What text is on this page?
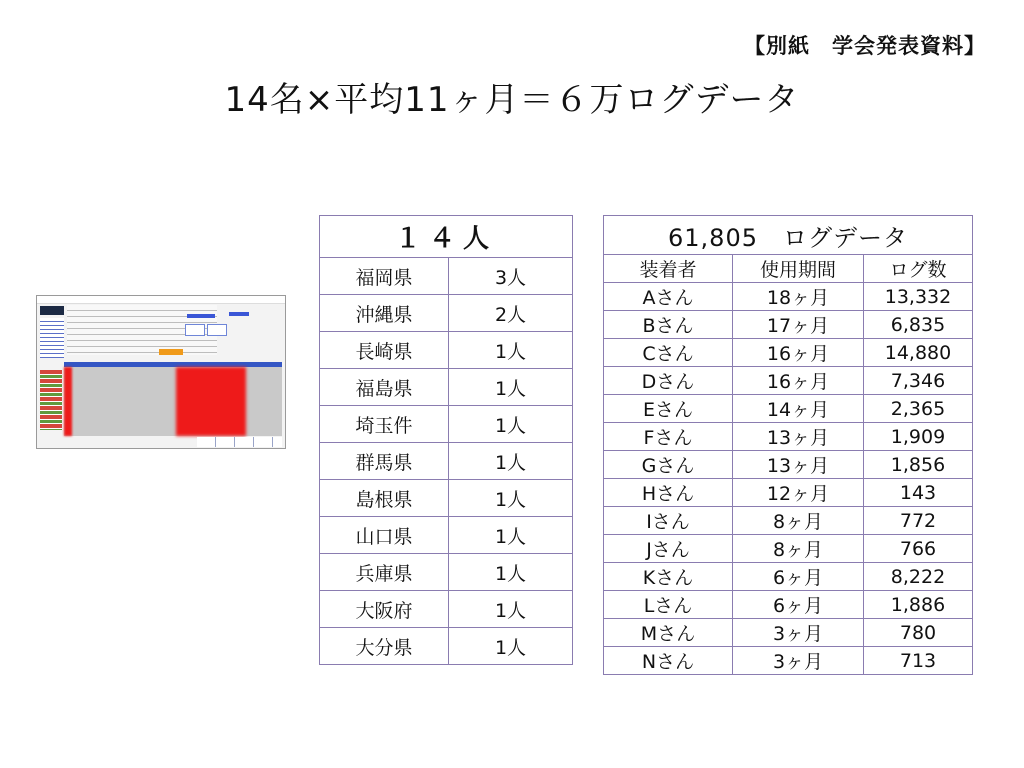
【別紙　学会発表資料】
14名×平均11ヶ月＝６万ログデータ
１４人	
福岡県	3人
沖縄県	2人
長崎県	1人
福島県	1人
埼玉件	1人
群馬県	1人
島根県	1人
山口県	1人
兵庫県	1人
大阪府	1人
大分県	1人
61,805　ログデータ		
装着者	使用期間	ログ数
Aさん	18ヶ月	13,332
Bさん	17ヶ月	6,835
Cさん	16ヶ月	14,880
Dさん	16ヶ月	7,346
Eさん	14ヶ月	2,365
Fさん	13ヶ月	1,909
Gさん	13ヶ月	1,856
Hさん	12ヶ月	143
Iさん	8ヶ月	772
Jさん	8ヶ月	766
Kさん	6ヶ月	8,222
Lさん	6ヶ月	1,886
Mさん	3ヶ月	780
Nさん	3ヶ月	713
